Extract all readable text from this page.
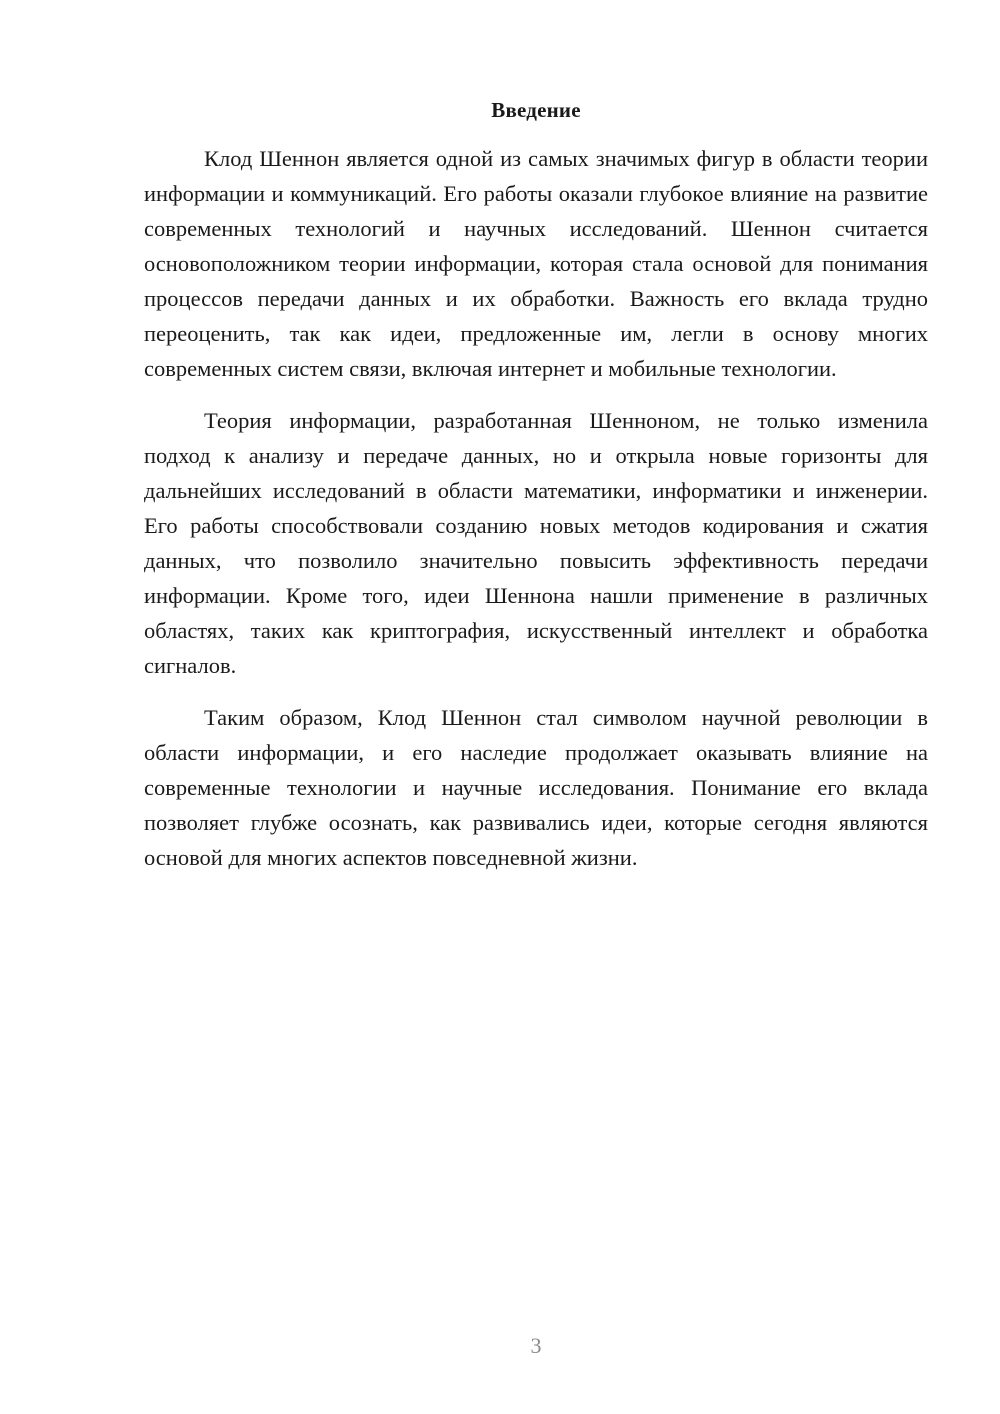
Введение

Клод Шеннон является одной из самых значимых фигур в области теории информации и коммуникаций. Его работы оказали глубокое влияние на развитие современных технологий и научных исследований. Шеннон считается основоположником теории информации, которая стала основой для понимания процессов передачи данных и их обработки. Важность его вклада трудно переоценить, так как идеи, предложенные им, легли в основу многих современных систем связи, включая интернет и мобильные технологии.

Теория информации, разработанная Шенноном, не только изменила подход к анализу и передаче данных, но и открыла новые горизонты для дальнейших исследований в области математики, информатики и инженерии. Его работы способствовали созданию новых методов кодирования и сжатия данных, что позволило значительно повысить эффективность передачи информации. Кроме того, идеи Шеннона нашли применение в различных областях, таких как криптография, искусственный интеллект и обработка сигналов.

Таким образом, Клод Шеннон стал символом научной революции в области информации, и его наследие продолжает оказывать влияние на современные технологии и научные исследования. Понимание его вклада позволяет глубже осознать, как развивались идеи, которые сегодня являются основой для многих аспектов повседневной жизни.

3
